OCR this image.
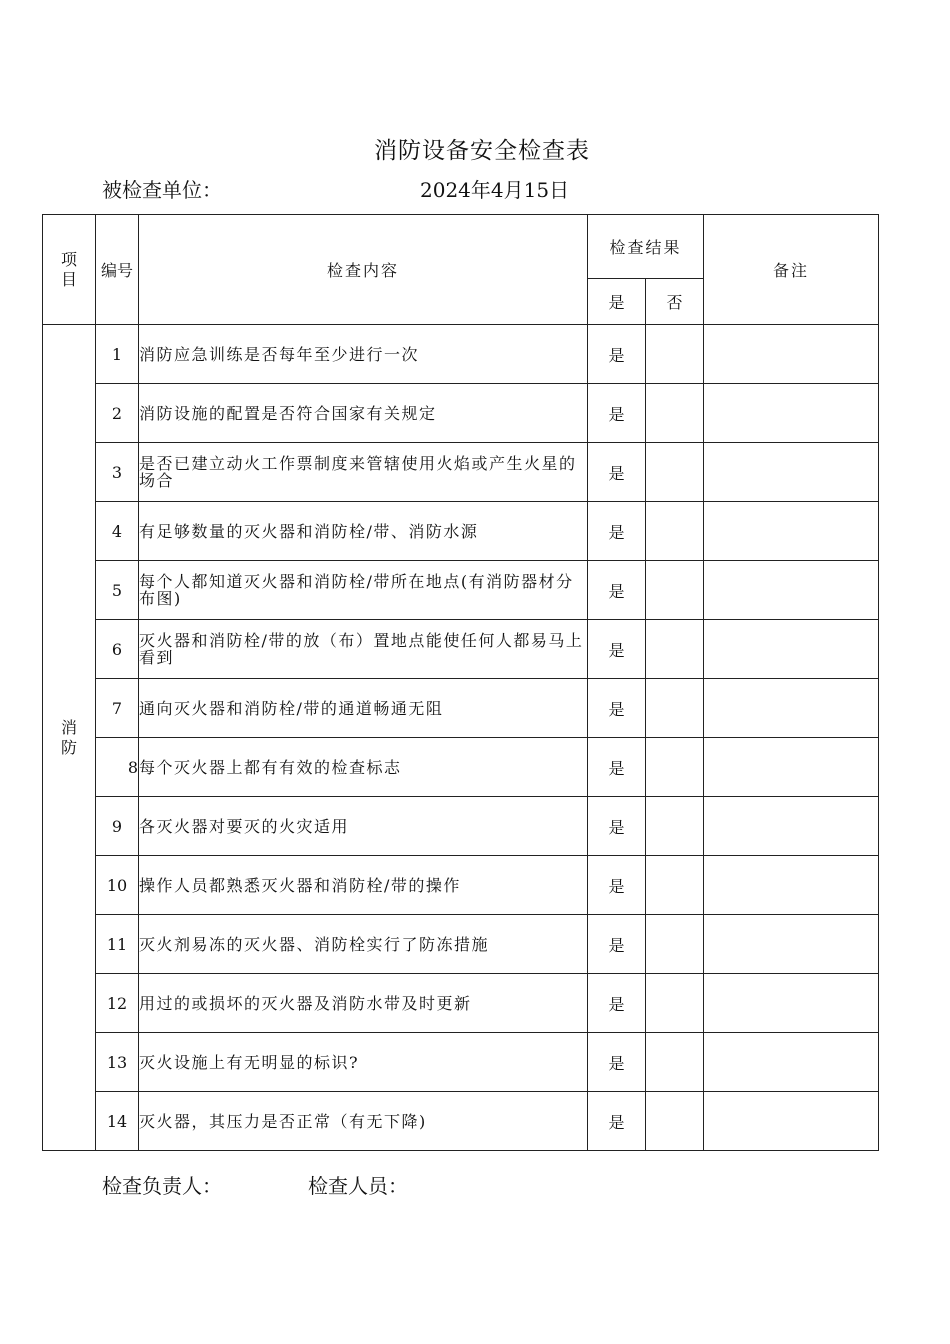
消防设备安全检查表
被检查单位：	2024年4月15日
项
目	编号	检查内容	检查结果		备注
			是	否	

消
防	1	消防应急训练是否每年至少进行一次	是		
	2	消防设施的配置是否符合国家有关规定	是		
	3	是否已建立动火工作票制度来管辖使用火焰或产生火星的场合	是		
	4	有足够数量的灭火器和消防栓/带、消防水源	是		
	5	每个人都知道灭火器和消防栓/带所在地点(有消防器材分布图)	是		
	6	灭火器和消防栓/带的放（布）置地点能使任何人都易马上看到	是		
	7	通向灭火器和消防栓/带的通道畅通无阻	是		
	8	每个灭火器上都有有效的检查标志	是		
	9	各灭火器对要灭的火灾适用	是		
	10	操作人员都熟悉灭火器和消防栓/带的操作	是		
	11	灭火剂易冻的灭火器、消防栓实行了防冻措施	是		
	12	用过的或损坏的灭火器及消防水带及时更新	是		
	13	灭火设施上有无明显的标识?	是		
	14	灭火器，其压力是否正常（有无下降)	是		
检查负责人：	检查人员：
